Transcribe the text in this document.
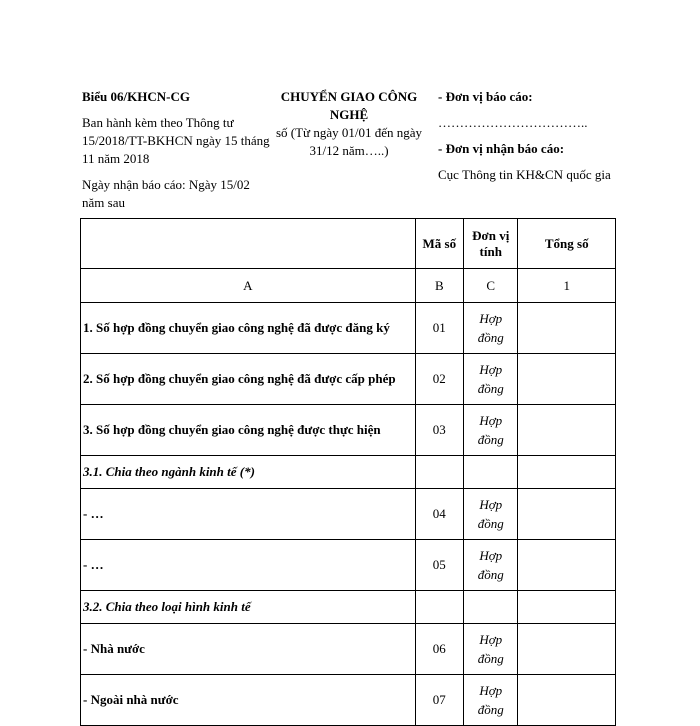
Biểu 06/KHCN-CG
Ban hành kèm theo Thông tư 15/2018/TT-BKHCN ngày 15 tháng 11 năm 2018
Ngày nhận báo cáo: Ngày 15/02 năm sau
CHUYỂN GIAO CÔNG NGHỆ
số (Từ ngày 01/01 đến ngày 31/12 năm…..)
- Đơn vị báo cáo:
……………………………..
- Đơn vị nhận báo cáo:
Cục Thông tin KH&CN quốc gia
	Mã số	Đơn vị tính	Tổng số
A	B	C	1
1. Số hợp đồng chuyển giao công nghệ đã được đăng ký	01	Hợp đồng	
2. Số hợp đồng chuyển giao công nghệ đã được cấp phép	02	Hợp đồng	
3. Số hợp đồng chuyển giao công nghệ được thực hiện	03	Hợp đồng	
3.1. Chia theo ngành kinh tế (*)			
- …	04	Hợp đồng	
- …	05	Hợp đồng	
3.2. Chia theo loại hình kinh tế			
- Nhà nước	06	Hợp đồng	
- Ngoài nhà nước	07	Hợp đồng	
